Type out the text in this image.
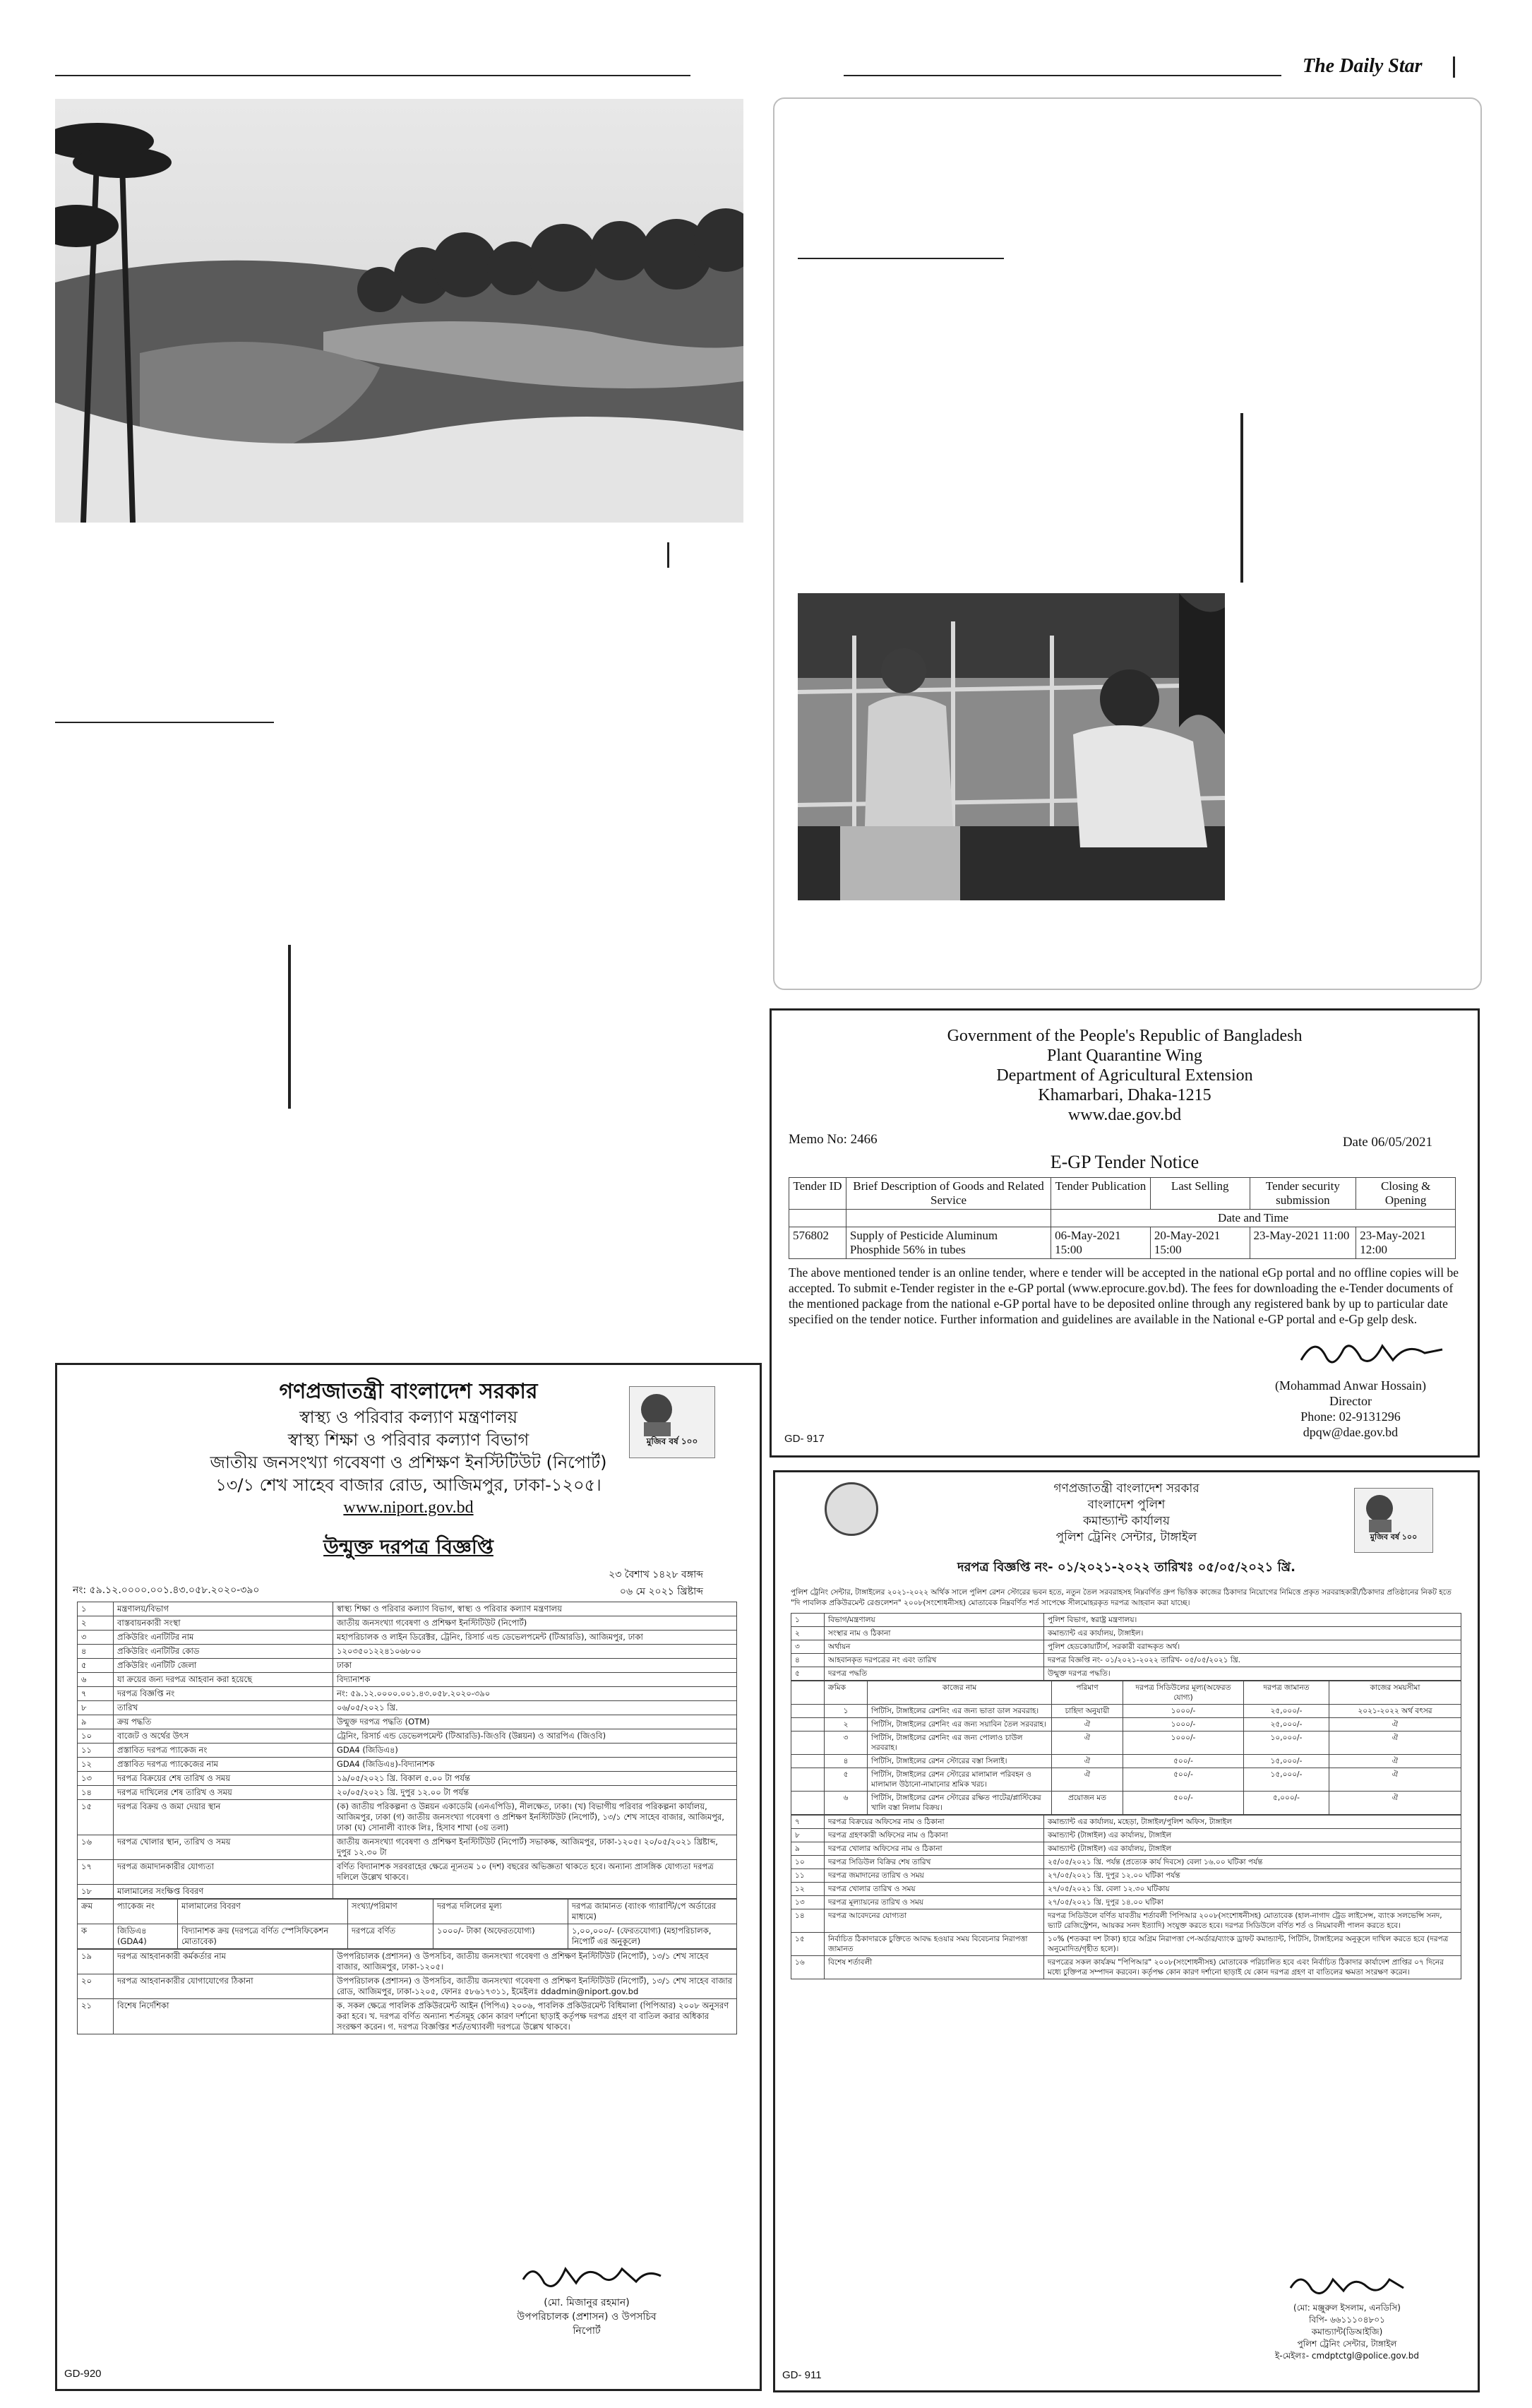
The Daily Star
Government of the People's Republic of Bangladesh
Plant Quarantine Wing
Department of Agricultural Extension
Khamarbari, Dhaka-1215
www.dae.gov.bd
Memo No: 2466	Date 06/05/2021
E-GP Tender Notice
Tender ID	Brief Description of Goods and Related Service	Tender Publication	Last Selling	Tender security submission	Closing & Opening
		Date and Time			
576802	Supply of Pesticide Aluminum Phosphide 56% in tubes	06-May-2021 15:00	20-May-2021 15:00	23-May-2021 11:00	23-May-2021 12:00
The above mentioned tender is an online tender, where e tender will be accepted in the national eGp portal and no offline copies will be accepted. To submit e-Tender register in the e-GP portal (www.eprocure.gov.bd). The fees for downloading the e-Tender documents of the mentioned package from the national e-GP portal have to be deposited online through any registered bank by up to particular date specified on the tender notice. Further information and guidelines are available in the National e-GP portal and e-Gp gelp desk.
(Mohammad Anwar Hossain)
Director
Phone: 02-9131296
dpqw@dae.gov.bd
GD- 917
গণপ্রজাতন্ত্রী বাংলাদেশ সরকার
স্বাস্থ্য ও পরিবার কল্যাণ মন্ত্রণালয়
স্বাস্থ্য শিক্ষা ও পরিবার কল্যাণ বিভাগ
জাতীয় জনসংখ্যা গবেষণা ও প্রশিক্ষণ ইনস্টিটিউট (নিপোর্ট)
১৩/১ শেখ সাহেব বাজার রোড, আজিমপুর, ঢাকা-১২০৫।
www.niport.gov.bd
মুজিব বর্ষ ১০০
উন্মুক্ত দরপত্র বিজ্ঞপ্তি
২৩ বৈশাখ ১৪২৮ বঙ্গাব্দ
নং: ৫৯.১২.০০০০.০০১.৪৩.০৫৮.২০২০-৩৯০	০৬ মে ২০২১ খ্রিষ্টাব্দ
১	মন্ত্রণালয়/বিভাগ	স্বাস্থ্য শিক্ষা ও পরিবার কল্যাণ বিভাগ, স্বাস্থ্য ও পরিবার কল্যাণ মন্ত্রণালয়
২	বাস্তবায়নকারী সংস্থা	জাতীয় জনসংখ্যা গবেষণা ও প্রশিক্ষণ ইনস্টিটিউট (নিপোর্ট)
৩	প্রকিউরিং এনটিটির নাম	মহাপরিচালক ও লাইন ডিরেক্টর, ট্রেনিং, রিসার্চ এন্ড ডেভেলপমেন্ট (টিআরডি), আজিমপুর, ঢাকা
৪	প্রকিউরিং এনটিটির কোড	১২০৩৫০১২২৪১০৬৮০০
৫	প্রকিউরিং এনটিটি জেলা	ঢাকা
৬	যা ক্রয়ের জন্য দরপত্র আহবান করা হয়েছে	বিদ্যানাশক
৭	দরপত্র বিজ্ঞপ্তি নং	নং: ৫৯.১২.০০০০.০০১.৪৩.০৫৮.২০২০-৩৯০
৮	তারিখ	০৬/০৫/২০২১ খ্রি.
৯	ক্রয় পদ্ধতি	উন্মুক্ত দরপত্র পদ্ধতি (OTM)
১০	বাজেট ও অর্থের উৎস	ট্রেনিং, রিসার্চ এন্ড ডেভেলপমেন্ট (টিআরডি)-জিওবি (উন্নয়ন) ও আরপিএ (জিওবি)
১১	প্রস্তাবিত দরপত্র প্যাকেজ নং	GDA4 (জিডিএ৪)
১২	প্রস্তাবিত দরপত্র প্যাকেজের নাম	GDA4 (জিডিএ৪)-বিদ্যানাশক
১৩	দরপত্র বিক্রয়ের শেষ তারিখ ও সময়	১৯/০৫/২০২১ খ্রি. বিকাল ৫.০০ টা পর্যন্ত
১৪	দরপত্র দাখিলের শেষ তারিখ ও সময়	২০/০৫/২০২১ খ্রি. দুপুর ১২.০০ টা পর্যন্ত
১৫	দরপত্র বিক্রয় ও জমা দেয়ার স্থান	(ক) জাতীয় পরিকল্পনা ও উন্নয়ন একাডেমি (এনএপিডি), নীলক্ষেত, ঢাকা। (খ) বিভাগীয় পরিবার পরিকল্পনা কার্যালয়, আজিমপুর, ঢাকা (গ) জাতীয় জনসংখ্যা গবেষণা ও প্রশিক্ষণ ইনস্টিটিউট (নিপোর্ট), ১৩/১ শেখ সাহেব বাজার, আজিমপুর, ঢাকা (ঘ) সোনালী ব্যাংক লিঃ, হিসাব শাখা (৩য় তলা)
১৬	দরপত্র খোলার স্থান, তারিখ ও সময়	জাতীয় জনসংখ্যা গবেষণা ও প্রশিক্ষণ ইনস্টিটিউট (নিপোর্ট) সভাকক্ষ, আজিমপুর, ঢাকা-১২০৫। ২০/০৫/২০২১ খ্রিষ্টাব্দ, দুপুর ১২.৩০ টা
১৭	দরপত্র জমাদানকারীর যোগ্যতা	বর্ণিত বিদ্যানাশক সরবরাহের ক্ষেত্রে ন্যূনতম ১০ (দশ) বছরের অভিজ্ঞতা থাকতে হবে। অন্যান্য প্রাসঙ্গিক যোগ্যতা দরপত্র দলিলে উল্লেখ থাকবে।
১৮	মালামালের সংক্ষিপ্ত বিবরণ	
ক্রম	প্যাকেজ নং	মালামালের বিবরণ	সংখ্যা/পরিমাণ	দরপত্র দলিলের মূল্য	দরপত্র জামানত (ব্যাংক গ্যারান্টি/পে অর্ডারের মাধ্যমে)
ক	জিডিএ৪ (GDA4)	বিদ্যানাশক ক্রয় (দরপত্রে বর্ণিত স্পেসিফিকেশন মোতাবেক)	দরপত্রে বর্ণিত	১০০০/- টাকা (অফেরতযোগ্য)	১,০০,০০০/- (ফেরতযোগ্য) (মহাপরিচালক, নিপোর্ট এর অনুকূলে)
১৯	দরপত্র আহবানকারী কর্মকর্তার নাম	উপপরিচালক (প্রশাসন) ও উপসচিব, জাতীয় জনসংখ্যা গবেষণা ও প্রশিক্ষণ ইনস্টিটিউট (নিপোর্ট), ১৩/১ শেখ সাহেব বাজার, আজিমপুর, ঢাকা-১২০৫।
২০	দরপত্র আহবানকারীর যোগাযোগের ঠিকানা	উপপরিচালক (প্রশাসন) ও উপসচিব, জাতীয় জনসংখ্যা গবেষণা ও প্রশিক্ষণ ইনস্টিটিউট (নিপোর্ট), ১৩/১ শেখ সাহেব বাজার রোড, আজিমপুর, ঢাকা-১২০৫, ফোনঃ ৫৮৬১৭৩১১, ইমেইলঃ ddadmin@niport.gov.bd
২১	বিশেষ নির্দেশিকা	ক. সকল ক্ষেত্রে পাবলিক প্রকিউরমেন্ট আইন (পিপিএ) ২০০৬, পাবলিক প্রকিউরমেন্ট বিধিমালা (পিপিআর) ২০০৮ অনুসরণ করা হবে। খ. দরপত্র বর্ণিত অন্যান্য শর্তসমূহ কোন কারণ দর্শানো ছাড়াই কর্তৃপক্ষ দরপত্র গ্রহণ বা বাতিল করার অধিকার সংরক্ষণ করেন। গ. দরপত্র বিজ্ঞপ্তির শর্ত/তথ্যাবলী দরপত্রে উল্লেখ থাকবে।
(মো. মিজানুর রহমান)
উপপরিচালক (প্রশাসন) ও উপসচিব
নিপোর্ট
GD-920
গণপ্রজাতন্ত্রী বাংলাদেশ সরকার
বাংলাদেশ পুলিশ
কমান্ড্যান্ট কার্যালয়
পুলিশ ট্রেনিং সেন্টার, টাঙ্গাইল	মুজিব বর্ষ ১০০
দরপত্র বিজ্ঞপ্তি নং- ০১/২০২১-২০২২ তারিখঃ ০৫/০৫/২০২১ খ্রি.
পুলিশ ট্রেনিং সেন্টার, টাঙ্গাইলের ২০২১-২০২২ অর্থিক সালে পুলিশ রেশন স্টোরের ভবন হতে, নতুন তৈল সরবরাহসহ নিম্নবর্ণিত গ্রুপ ভিত্তিক কাজের ঠিকাদার নিয়োগের নিমিত্তে প্রকৃত সরবরাহকারী/ঠিকাদার প্রতিষ্ঠানের নিকট হতে "দি পাবলিক প্রকিউরমেন্ট রেগুলেশন" ২০০৮(সংশোধনীসহ) মোতাবেক নিম্নবর্ণিত শর্ত সাপেক্ষে সীলমোহরকৃত দরপত্র আহবান করা যাচ্ছে।
১	বিভাগ/মন্ত্রণালয়	পুলিশ বিভাগ, স্বরাষ্ট্র মন্ত্রণালয়।
২	সংস্থার নাম ও ঠিকানা	কমান্ড্যান্ট এর কার্যালয়, টাঙ্গাইল।
৩	অর্থায়ন	পুলিশ হেডকোয়ার্টার্স, সরকারী বরাদ্দকৃত অর্থ।
৪	আহবানকৃত দরপত্রের নং এবং তারিখ	দরপত্র বিজ্ঞপ্তি নং- ০১/২০২১-২০২২ তারিখ- ০৫/০৫/২০২১ খ্রি.
৫	দরপত্র পদ্ধতি	উন্মুক্ত দরপত্র পদ্ধতি।
	ক্রমিক	কাজের নাম	পরিমাণ	দরপত্র সিডিউলের মূল্য(অফেরত যোগ্য)	দরপত্র জামানত	কাজের সময়সীমা
	১	পিটিসি, টাঙ্গাইলের রেশনিং এর জন্য ভাতা ডাল সরবরাহ।	চাহিদা অনুযায়ী	১০০০/-	২৫,০০০/-	২০২১-২০২২ অর্থ বৎসর
	২	পিটিসি, টাঙ্গাইলের রেশনিং এর জন্য সয়াবিন তৈল সরবরাহ।	ঐ	১০০০/-	২৫,০০০/-	ঐ
	৩	পিটিসি, টাঙ্গাইলের রেশনিং এর জন্য পোলাও চাউল সরবরাহ।	ঐ	১০০০/-	১০,০০০/-	ঐ
	৪	পিটিসি, টাঙ্গাইলের রেশন স্টোরের বস্তা সিলাই।	ঐ	৫০০/-	১৫,০০০/-	ঐ
	৫	পিটিসি, টাঙ্গাইলের রেশন স্টোরের মালামাল পরিবহন ও মালামাল উঠানো-নামানোর শ্রমিক খরচ।	ঐ	৫০০/-	১৫,০০০/-	ঐ
	৬	পিটিসি, টাঙ্গাইলের রেশন স্টোরের রক্ষিত পাটের/প্লাস্টিকের খালি বস্তা নিলাম বিক্রয়।	প্রয়োজন মত	৫০০/-	৫,০০০/-	ঐ
৭	দরপত্র বিক্রয়ের অফিসের নাম ও ঠিকানা	কমান্ড্যান্ট এর কার্যালয়, মহেড়া, টাঙ্গাইল/পুলিশ অফিস, টাঙ্গাইল
৮	দরপত্র গ্রহণকারী অফিসের নাম ও ঠিকানা	কমান্ড্যান্ট (টাঙ্গাইল) এর কার্যালয়, টাঙ্গাইল
৯	দরপত্র খোলার অফিসের নাম ও ঠিকানা	কমান্ড্যান্ট (টাঙ্গাইল) এর কার্যালয়, টাঙ্গাইল
১০	দরপত্র সিডিউল বিক্রির শেষ তারিখ	২৫/০৫/২০২১ খ্রি. পর্যন্ত (প্রত্যেক কার্য দিবসে) বেলা ১৬.০০ ঘটিকা পর্যন্ত
১১	দরপত্র জমাদানের তারিখ ও সময়	২৭/০৫/২০২১ খ্রি. দুপুর ১২.০০ ঘটিকা পর্যন্ত
১২	দরপত্র খোলার তারিখ ও সময়	২৭/০৫/২০২১ খ্রি. বেলা ১২.৩০ ঘটিকায়
১৩	দরপত্র মূল্যায়নের তারিখ ও সময়	২৭/০৫/২০২১ খ্রি. দুপুর ১৪.০০ ঘটিকা
১৪	দরপত্র আবেদনের যোগ্যতা	দরপত্র সিডিউলে বর্ণিত যাবতীয় শর্তাবলী পিপিআর ২০০৮(সংশোধনীসহ) মোতাবেক (হাল-নাগাদ ট্রেড লাইসেন্স, ব্যাংক সলভেন্সি সনদ, ভ্যাট রেজিস্ট্রেশন, আয়কর সনদ ইত্যাদি) সংযুক্ত করতে হবে। দরপত্র সিডিউলে বর্ণিত শর্ত ও নিয়মাবলী পালন করতে হবে।
১৫	নির্বাচিত ঠিকাদারকে চুক্তিতে আবদ্ধ হওয়ার সময় বিবেচনার নিরাপত্তা জামানত	১০% (শতকরা দশ টাকা) হারে অগ্রিম নিরাপত্তা পে-অর্ডার/ব্যাংক ড্রাফট কমান্ড্যান্ট, পিটিসি, টাঙ্গাইলের অনুকূলে দাখিল করতে হবে (দরপত্র অনুমোদিত/গৃহীত হলে)।
১৬	বিশেষ শর্তাবলী	দরপত্রের সকল কার্যক্রম "পিপিআর" ২০০৮(সংশোধনীসহ) মোতাবেক পরিচালিত হবে এবং নির্বাচিত ঠিকাদার কার্যাদেশ প্রাপ্তির ০৭ দিনের মধ্যে চুক্তিপত্র সম্পাদন করবেন। কর্তৃপক্ষ কোন কারণ দর্শানো ছাড়াই যে কোন দরপত্র গ্রহণ বা বাতিলের ক্ষমতা সংরক্ষণ করেন।
(মো: মঞ্জুরুল ইসলাম, এনডিসি)
বিপি- ৬৬১১১০৪৮০১
কমান্ড্যান্ট(ডিআইজি)
পুলিশ ট্রেনিং সেন্টার, টাঙ্গাইল
ই-মেইলঃ- cmdptctgl@police.gov.bd
GD- 911
